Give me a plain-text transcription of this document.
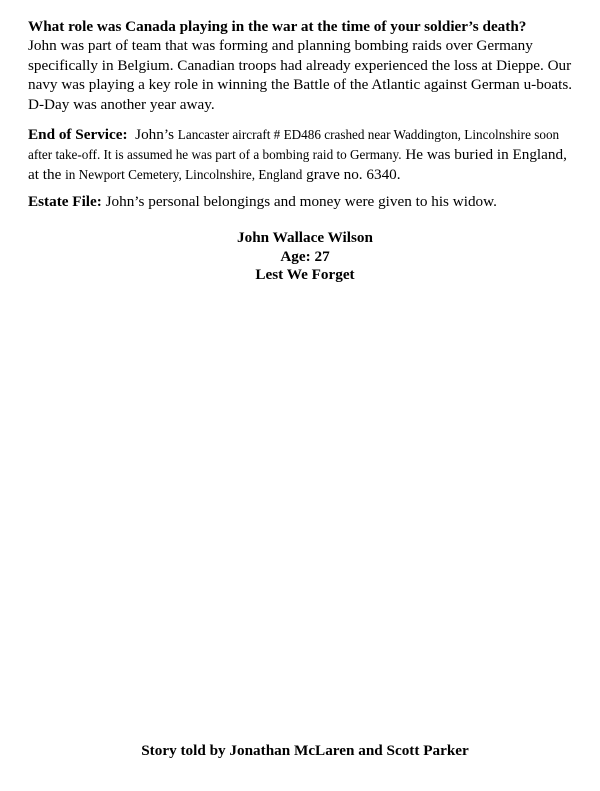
What role was Canada playing in the war at the time of your soldier’s death?
John was part of team that was forming and planning bombing raids over Germany specifically in Belgium. Canadian troops had already experienced the loss at Dieppe. Our navy was playing a key role in winning the Battle of the Atlantic against German u-boats. D-Day was another year away.
End of Service: John’s Lancaster aircraft # ED486 crashed near Waddington, Lincolnshire soon after take-off. It is assumed he was part of a bombing raid to Germany. He was buried in England, at the in Newport Cemetery, Lincolnshire, England grave no. 6340.
Estate File: John’s personal belongings and money were given to his widow.
John Wallace Wilson
Age: 27
Lest We Forget
Story told by Jonathan McLaren and Scott Parker
